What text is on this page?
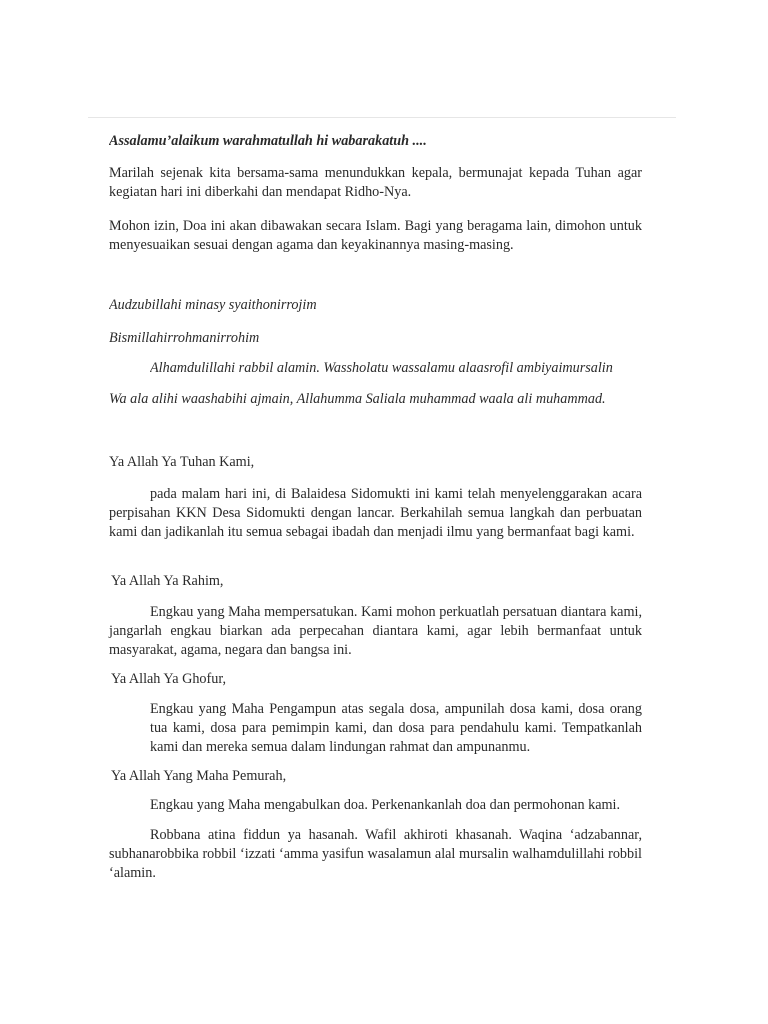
Assalamu’alaikum warahmatullah hi wabarakatuh ....
Marilah sejenak kita bersama-sama menundukkan kepala, bermunajat kepada Tuhan agar kegiatan hari ini diberkahi dan mendapat Ridho-Nya.
Mohon izin, Doa ini akan dibawakan secara Islam. Bagi yang beragama lain, dimohon untuk menyesuaikan sesuai dengan agama dan keyakinannya masing-masing.
Audzubillahi minasy syaithonirrojim
Bismillahirrohmanirrohim
Alhamdulillahi rabbil alamin. Wassholatu wassalamu alaasrofil ambiyaimursalin
Wa ala alihi waashabihi ajmain, Allahumma Saliala muhammad waala ali muhammad.
Ya Allah Ya Tuhan Kami,
pada malam hari ini, di Balaidesa Sidomukti ini kami telah menyelenggarakan acara perpisahan KKN Desa Sidomukti dengan lancar. Berkahilah semua langkah dan perbuatan kami dan jadikanlah itu semua sebagai ibadah dan menjadi ilmu yang bermanfaat bagi kami.
Ya Allah Ya Rahim,
Engkau yang Maha mempersatukan. Kami mohon perkuatlah persatuan diantara kami, jangarlah engkau biarkan ada perpecahan diantara kami, agar lebih bermanfaat untuk masyarakat, agama, negara dan bangsa ini.
Ya Allah Ya Ghofur,
Engkau yang Maha Pengampun atas segala dosa, ampunilah dosa kami, dosa orang tua kami, dosa para pemimpin kami, dan dosa para pendahulu kami. Tempatkanlah kami dan mereka semua dalam lindungan rahmat dan ampunanmu.
Ya Allah Yang Maha Pemurah,
Engkau yang Maha mengabulkan doa. Perkenankanlah doa dan permohonan kami.
Robbana atina fiddun ya hasanah. Wafil akhiroti khasanah. Waqina ‘adzabannar, subhanarobbika robbil ‘izzati ‘amma yasifun wasalamun alal mursalin walhamdulillahi robbil ‘alamin.
